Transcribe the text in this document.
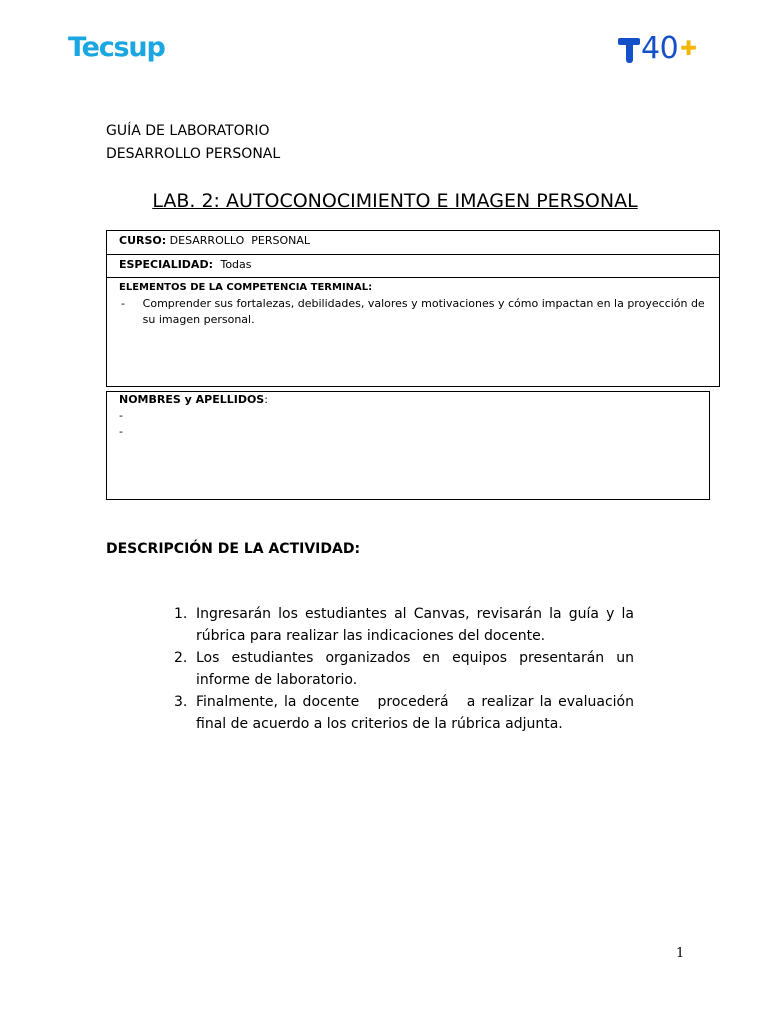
Tecsup	40 ✚
GUÍA DE LABORATORIO
DESARROLLO PERSONAL
LAB. 2: AUTOCONOCIMIENTO E IMAGEN PERSONAL
CURSO: DESARROLLO  PERSONAL
ESPECIALIDAD: Todas

ELEMENTOS DE LA COMPETENCIA TERMINAL:
-	Comprender sus fortalezas, debilidades, valores y motivaciones y cómo impactan en la proyección de su imagen personal.
NOMBRES y APELLIDOS:
-
-
DESCRIPCIÓN DE LA ACTIVIDAD:
1. Ingresarán los estudiantes al Canvas, revisarán la guía y la rúbrica para realizar las indicaciones del docente.
2. Los estudiantes organizados en equipos presentarán un informe de laboratorio.
3. Finalmente, la docente   procederá   a realizar la evaluación final de acuerdo a los criterios de la rúbrica adjunta.
1
